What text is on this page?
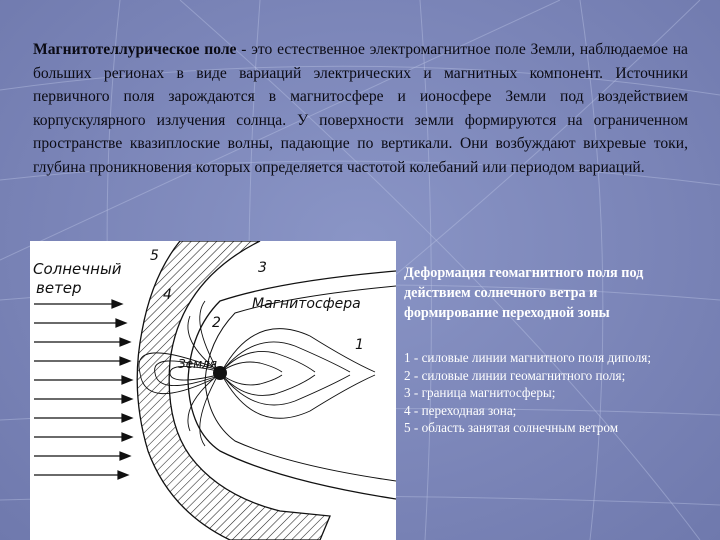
Магнитотеллурическое поле - это естественное электромагнитное поле Земли, наблюдаемое на больших регионах в виде вариаций электрических и магнитных компонент. Источники первичного поля зарождаются в магнитосфере и ионосфере Земли под воздействием корпускулярного излучения солнца. У поверхности земли формируются на ограниченном пространстве квазиплоские волны, падающие по вертикали. Они возбуждают вихревые токи, глубина проникновения которых определяется частотой колебаний или периодом вариаций.

Солнечный
ветер
Магнитосфера
Земля
1
2
3
4
5

Деформация геомагнитного поля под действием солнечного ветра и формирование переходной зоны

1 - силовые линии магнитного поля диполя;
2 - силовые линии геомагнитного поля;
3 - граница магнитосферы;
4 - переходная зона;
5 - область занятая солнечным ветром
